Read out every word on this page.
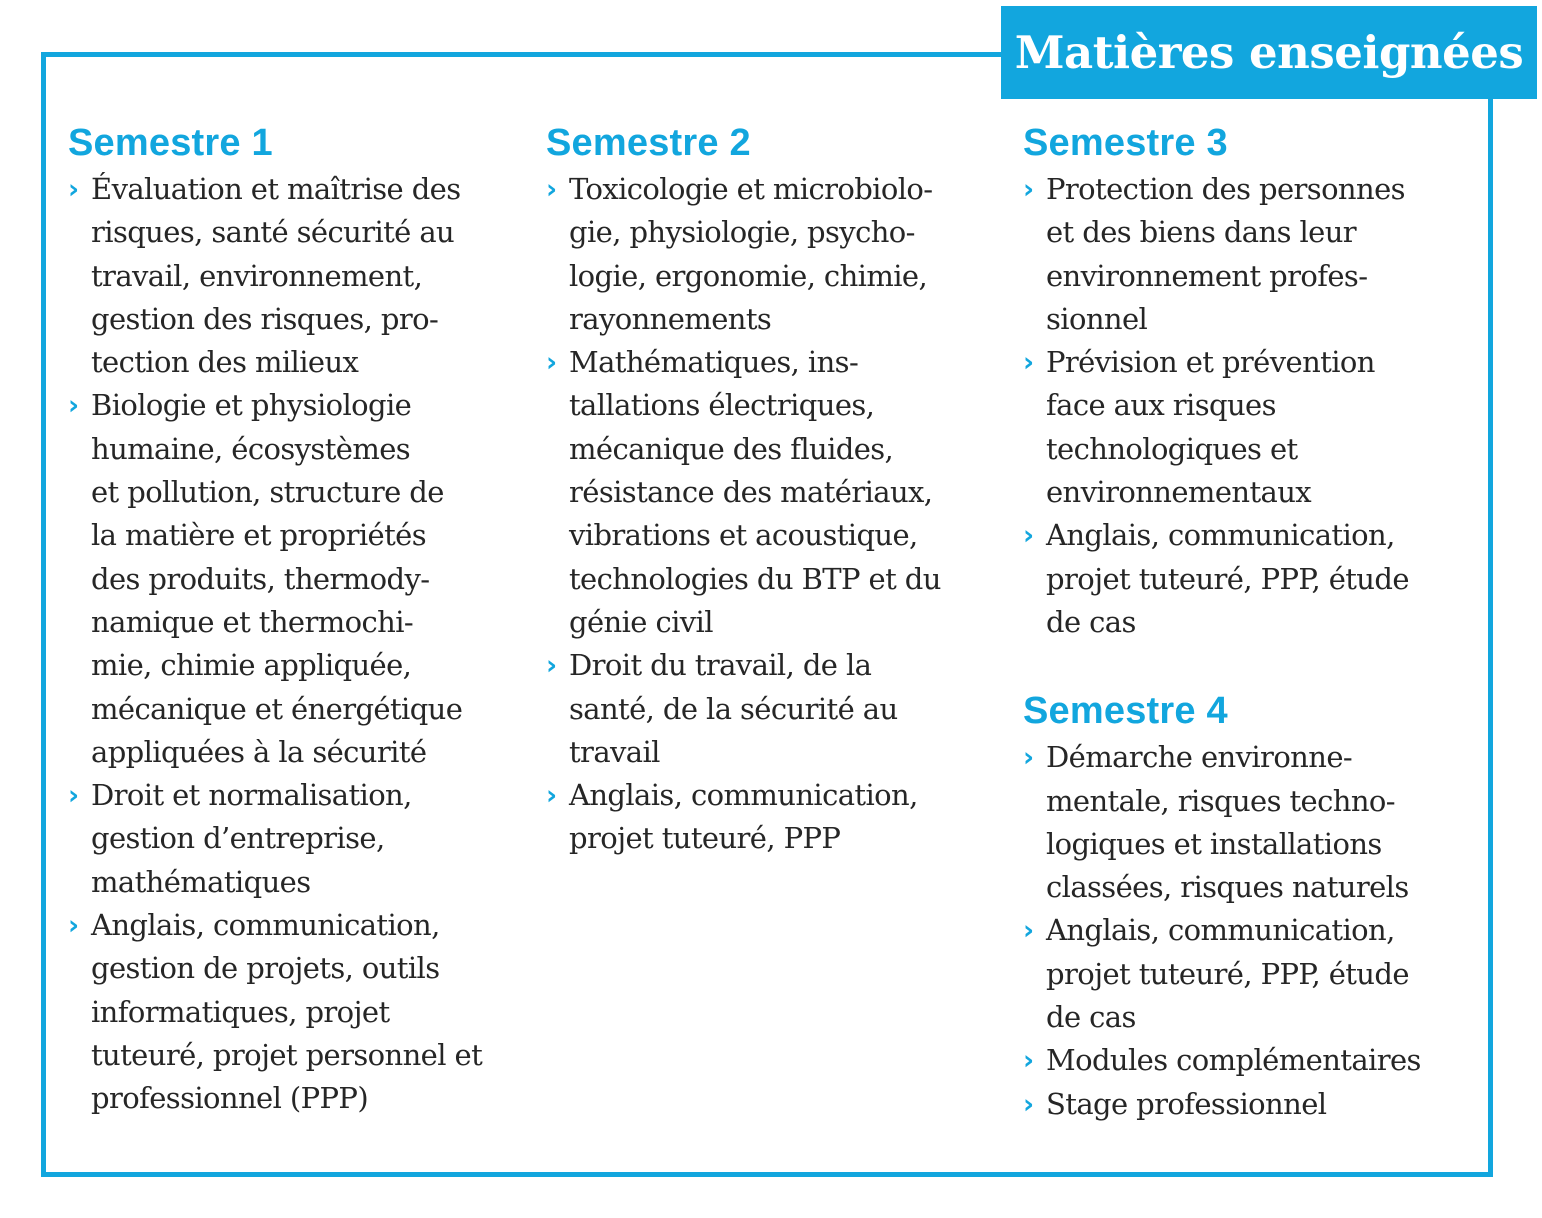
Matières enseignées
Semestre 1
› Évaluation et maîtrise des
risques, santé sécurité au
travail, environnement,
gestion des risques, pro-
tection des milieux
› Biologie et physiologie
humaine, écosystèmes
et pollution, structure de
la matière et propriétés
des produits, thermody-
namique et thermochi-
mie, chimie appliquée,
mécanique et énergétique
appliquées à la sécurité
› Droit et normalisation,
gestion d’entreprise,
mathématiques
› Anglais, communication,
gestion de projets, outils
informatiques, projet
tuteuré, projet personnel et
professionnel (PPP)
Semestre 2
› Toxicologie et microbiolo-
gie, physiologie, psycho-
logie, ergonomie, chimie,
rayonnements
› Mathématiques, ins-
tallations électriques,
mécanique des fluides,
résistance des matériaux,
vibrations et acoustique,
technologies du BTP et du
génie civil
› Droit du travail, de la
santé, de la sécurité au
travail
› Anglais, communication,
projet tuteuré, PPP
Semestre 3
› Protection des personnes
et des biens dans leur
environnement profes-
sionnel
› Prévision et prévention
face aux risques
technologiques et
environnementaux
› Anglais, communication,
projet tuteuré, PPP, étude
de cas
Semestre 4
› Démarche environne-
mentale, risques techno-
logiques et installations
classées, risques naturels
› Anglais, communication,
projet tuteuré, PPP, étude
de cas
› Modules complémentaires
› Stage professionnel
